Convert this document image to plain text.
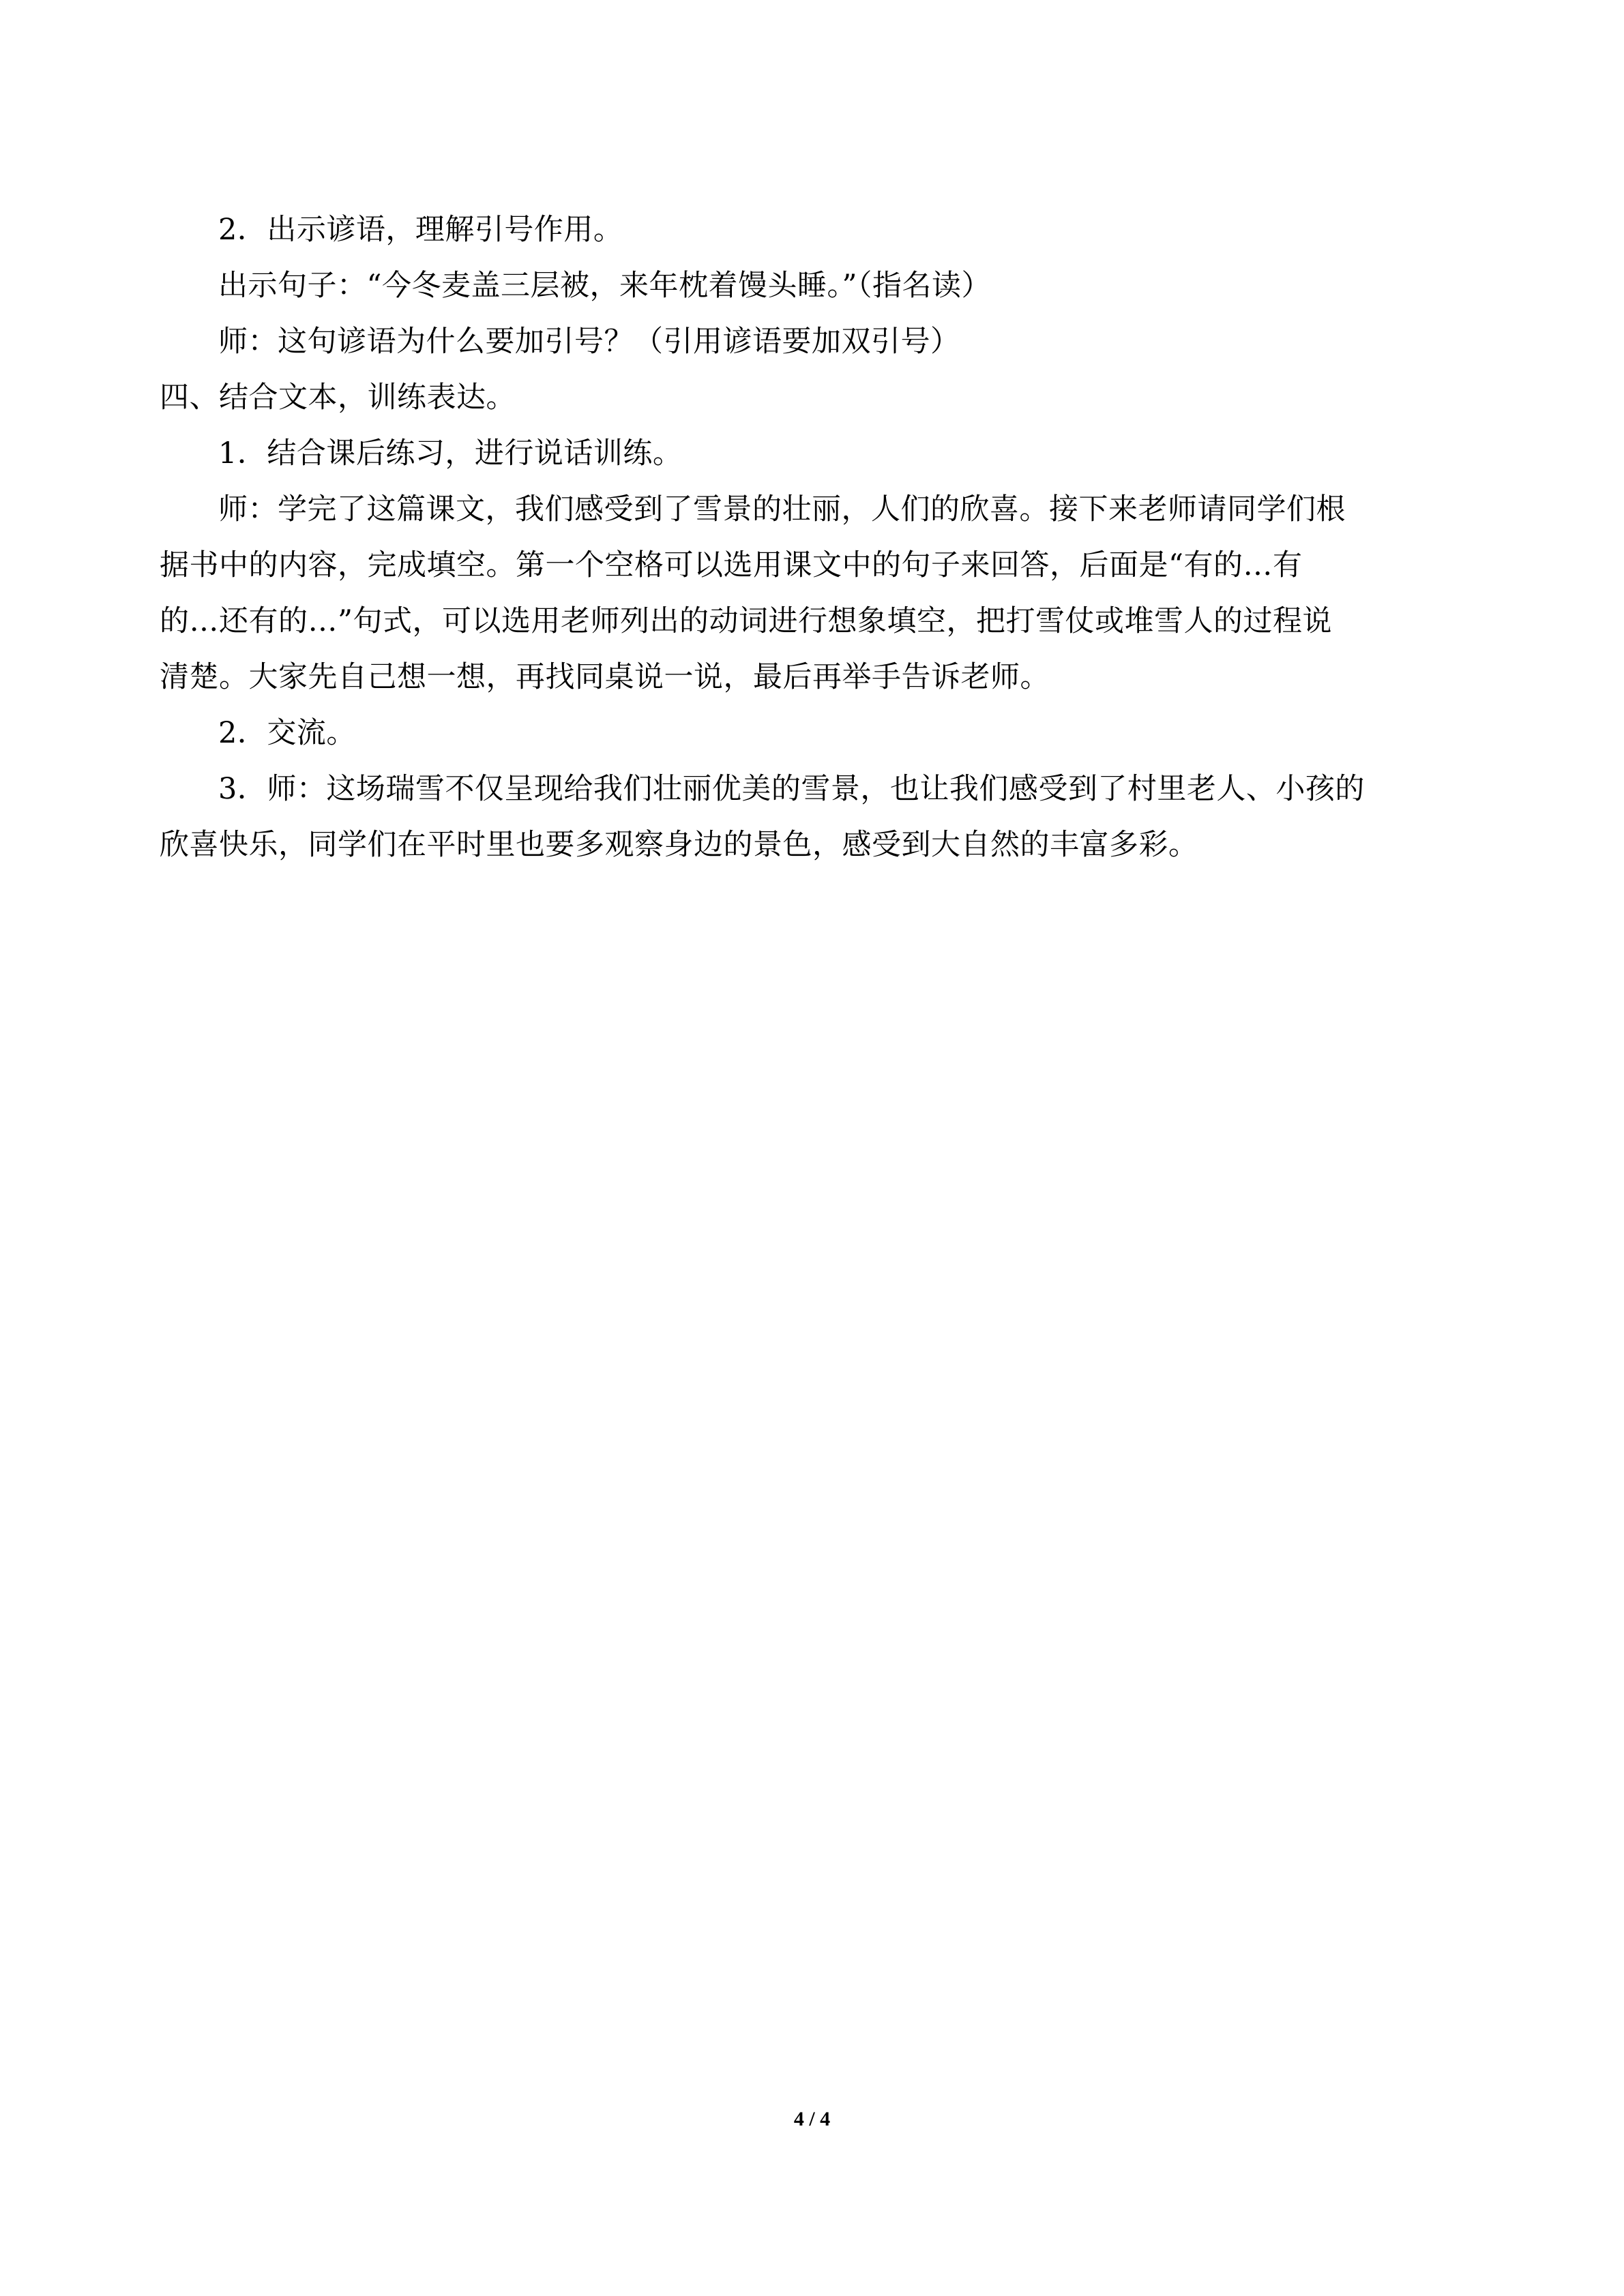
2．出示谚语，理解引号作用。
出示句子：“今冬麦盖三层被，来年枕着馒头睡。”（指名读）
师：这句谚语为什么要加引号？（引用谚语要加双引号）
四、结合文本，训练表达。
1．结合课后练习，进行说话训练。
师：学完了这篇课文，我们感受到了雪景的壮丽，人们的欣喜。接下来老师请同学们根
据书中的内容，完成填空。第一个空格可以选用课文中的句子来回答，后面是“有的…有
的…还有的…”句式，可以选用老师列出的动词进行想象填空，把打雪仗或堆雪人的过程说
清楚。大家先自己想一想，再找同桌说一说，最后再举手告诉老师。
2．交流。
3．师：这场瑞雪不仅呈现给我们壮丽优美的雪景，也让我们感受到了村里老人、小孩的
欣喜快乐，同学们在平时里也要多观察身边的景色，感受到大自然的丰富多彩。
4 / 4
